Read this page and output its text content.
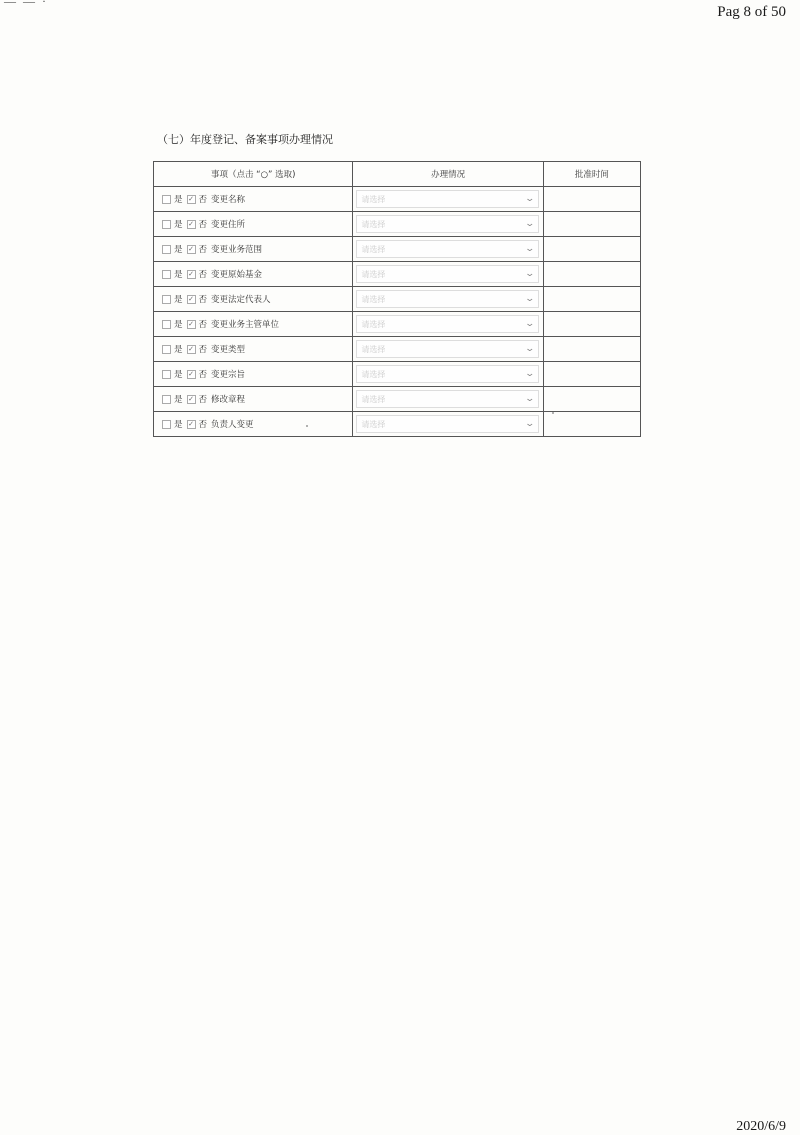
— — ·
Pag 8 of 50
（七）年度登记、备案事项办理情况
事项（点击 “○” 选取)	办理情况	批准时间
是 ✓ 否 变更名称	请选择 ⌄	

是 ✓ 否 变更住所	请选择 ⌄	

是 ✓ 否 变更业务范围	请选择 ⌄	

是 ✓ 否 变更原始基金	请选择 ⌄	

是 ✓ 否 变更法定代表人	请选择 ⌄	

是 ✓ 否 变更业务主管单位	请选择 ⌄	

是 ✓ 否 变更类型	请选择 ⌄	

是 ✓ 否 变更宗旨	请选择 ⌄	

是 ✓ 否 修改章程	请选择 ⌄	

是 ✓ 否 负责人变更	请选择 ⌄	

2020/6/9
